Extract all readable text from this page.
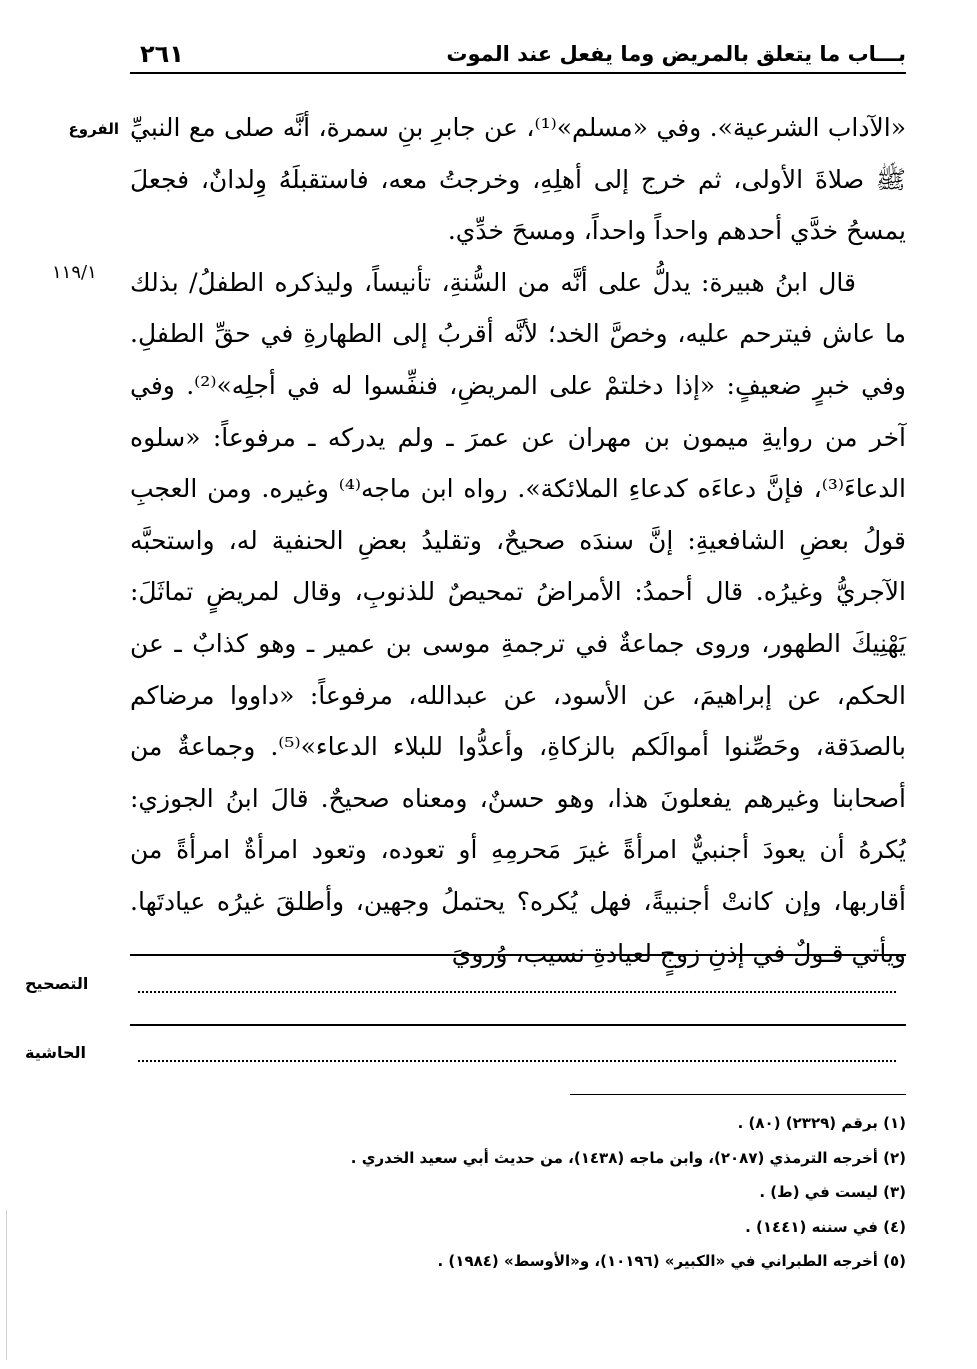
بـــاب ما يتعلق بالمريض وما يفعل عند الموت
٢٦١
الفروع
١١٩/١

«الآداب الشرعية». وفي «مسلم»⁽¹⁾، عن جابرِ بنِ سمرة، أنَّه صلى مع النبيِّ ﷺ صلاةَ الأولى، ثم خرج إلى أهلِهِ، وخرجتُ معه، فاستقبلَهُ وِلدانٌ، فجعلَ يمسحُ خدَّي أحدهم واحداً واحداً، ومسحَ خدِّي.

قال ابنُ هبيرة: يدلُّ على أنَّه من السُّنةِ، تأنيساً، وليذكره الطفلُ/ بذلك ما عاش فيترحم عليه، وخصَّ الخد؛ لأنَّه أقربُ إلى الطهارةِ في حقِّ الطفلِ. وفي خبرٍ ضعيفٍ: «إذا دخلتمْ على المريضِ، فنفِّسوا له في أجلِه»⁽²⁾. وفي آخر من روايةِ ميمون بن مهران عن عمرَ ـ ولم يدركه ـ مرفوعاً: «سلوه الدعاءَ⁽³⁾، فإنَّ دعاءَه كدعاءِ الملائكة». رواه ابن ماجه⁽⁴⁾ وغيره. ومن العجبِ قولُ بعضِ الشافعيةِ: إنَّ سندَه صحيحٌ، وتقليدُ بعضِ الحنفية له، واستحبَّه الآجريُّ وغيرُه. قال أحمدُ: الأمراضُ تمحيصٌ للذنوبِ، وقال لمريضٍ تماثَلَ: يَهْنِيكَ الطهور، وروى جماعةٌ في ترجمةِ موسى بن عمير ـ وهو كذابٌ ـ عن الحكم، عن إبراهيمَ، عن الأسود، عن عبدالله، مرفوعاً: «داووا مرضاكم بالصدَقة، وحَصِّنوا أموالَكم بالزكاةِ، وأعدُّوا للبلاء الدعاء»⁽⁵⁾. وجماعةٌ من أصحابنا وغيرهم يفعلونَ هذا، وهو حسنٌ، ومعناه صحيحٌ. قالَ ابنُ الجوزي: يُكرهُ أن يعودَ أجنبيٌّ امرأةً غيرَ مَحرمِهِ أو تعوده، وتعود امرأةٌ امرأةً من أقاربها، وإن كانتْ أجنبيةً، فهل يُكره؟ يحتملُ وجهين، وأطلقَ غيرُه عيادتَها. ويأتي قـولٌ في إذنِ زوجٍ لعيادةِ نسيب، وُرويَ

التصحيح
الحاشية
(١) برقم (٢٣٢٩) (٨٠) .
(٢) أخرجه الترمذي (٢٠٨٧)، وابن ماجه (١٤٣٨)، من حديث أبي سعيد الخدري .
(٣) ليست في (ط) .
(٤) في سننه (١٤٤١) .
(٥) أخرجه الطبراني في «الكبير» (١٠١٩٦)، و«الأوسط» (١٩٨٤) .
